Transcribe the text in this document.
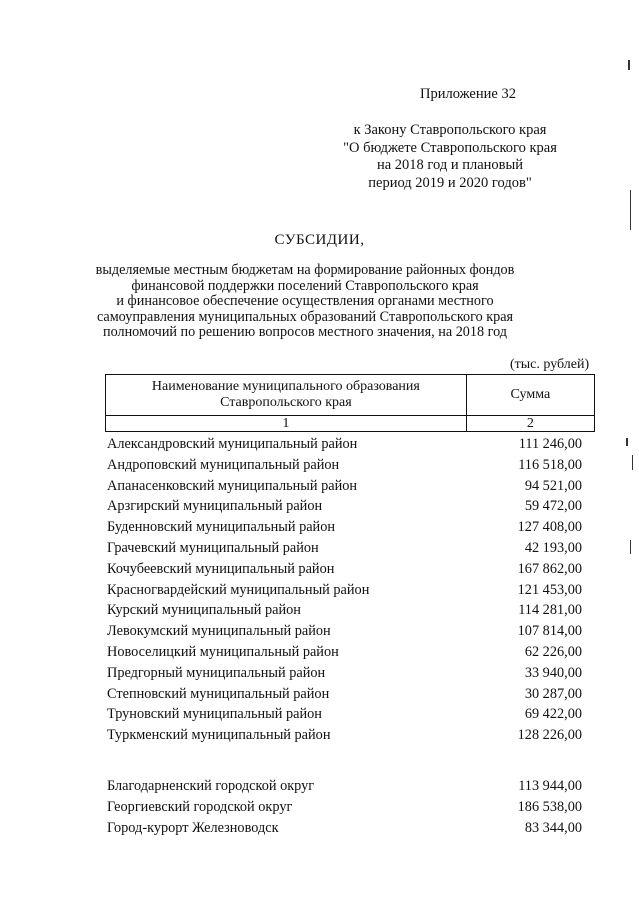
Приложение 32
к Закону Ставропольского края
"О бюджете Ставропольского края
на 2018 год и плановый
период 2019 и 2020 годов"
СУБСИДИИ,
выделяемые местным бюджетам на формирование районных фондов
финансовой поддержки поселений Ставропольского края
и финансовое обеспечение осуществления органами местного
самоуправления муниципальных образований Ставропольского края
полномочий по решению вопросов местного значения, на 2018 год
(тыс. рублей)
Наименование муниципального образования
Ставропольского края	Сумма
1	2
Александровский муниципальный район	111 246,00
Андроповский муниципальный район	116 518,00
Апанасенковский муниципальный район	94 521,00
Арзгирский муниципальный район	59 472,00
Буденновский муниципальный район	127 408,00
Грачевский муниципальный район	42 193,00
Кочубеевский муниципальный район	167 862,00
Красногвардейский муниципальный район	121 453,00
Курский муниципальный район	114 281,00
Левокумский муниципальный район	107 814,00
Новоселицкий муниципальный район	62 226,00
Предгорный муниципальный район	33 940,00
Степновский муниципальный район	30 287,00
Труновский муниципальный район	69 422,00
Туркменский муниципальный район	128 226,00
Благодарненский городской округ	113 944,00
Георгиевский городской округ	186 538,00
Город-курорт Железноводск	83 344,00
